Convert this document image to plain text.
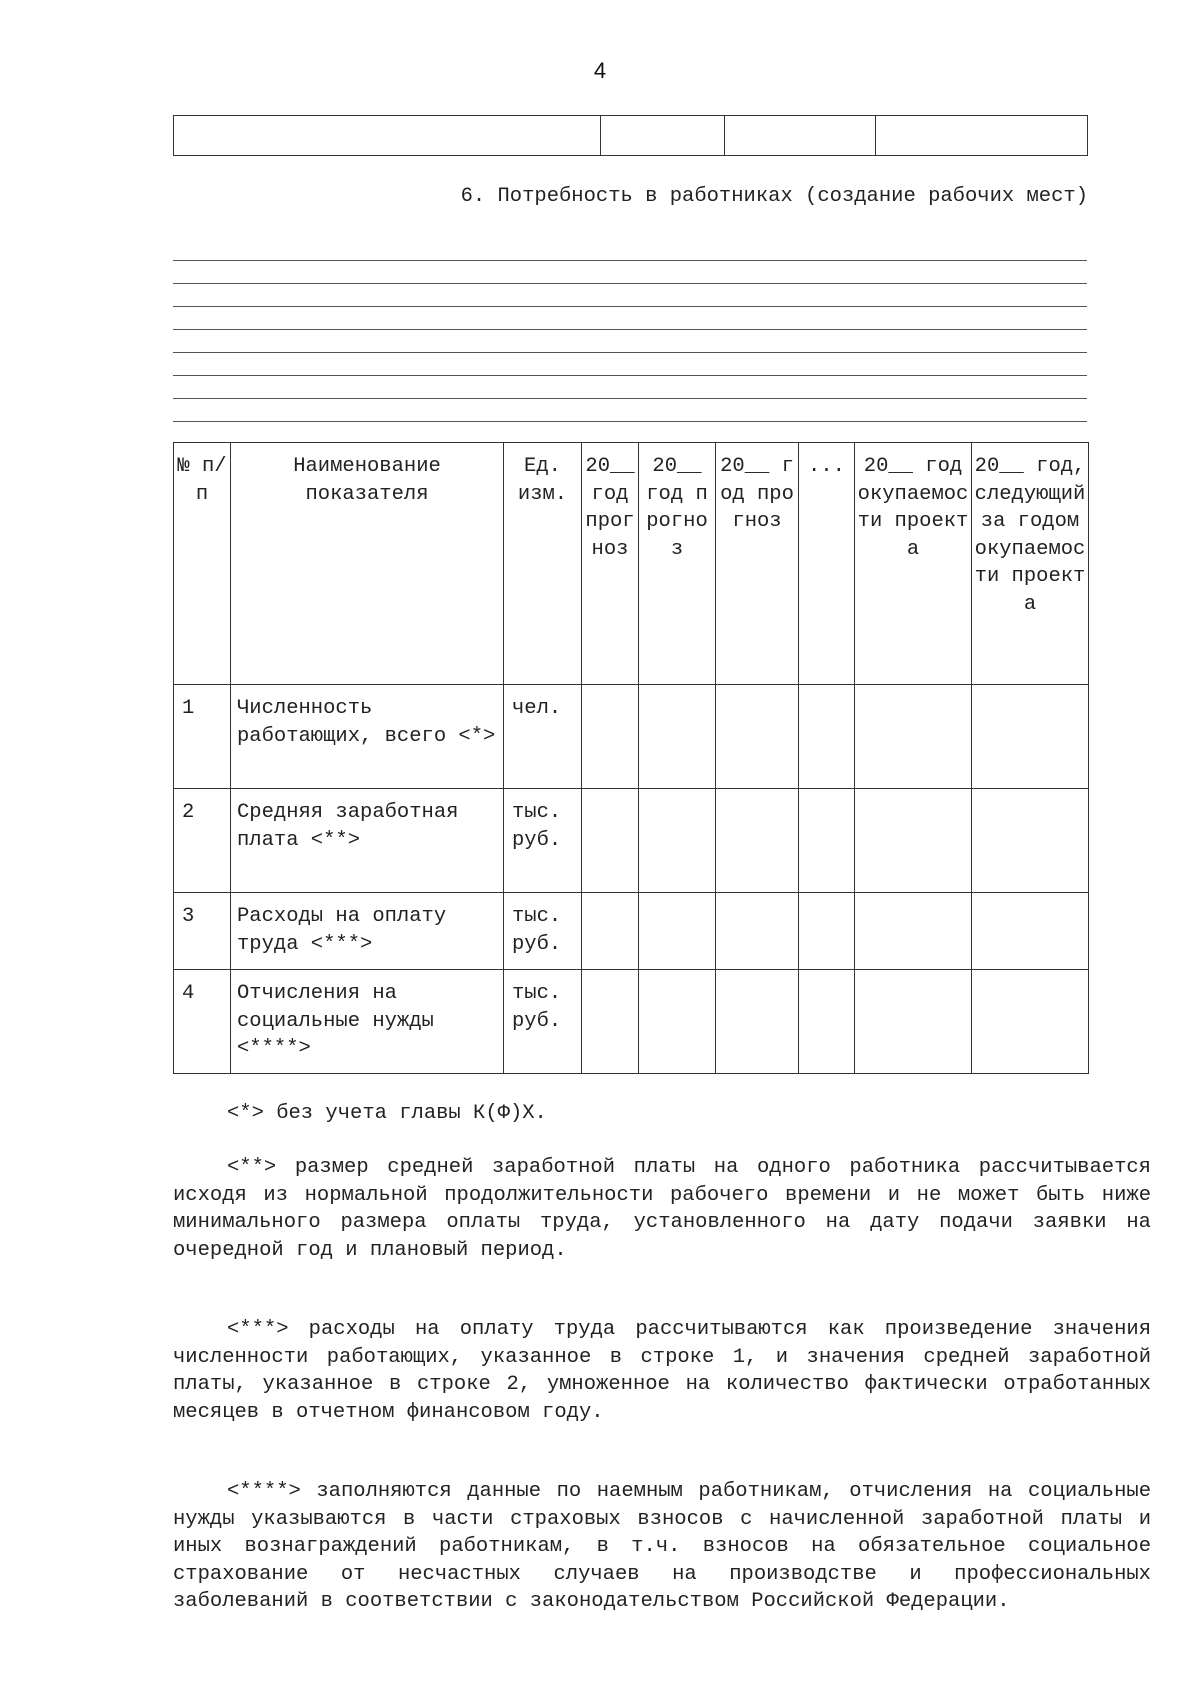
4

6. Потребность в работниках (создание рабочих мест)
№ п/п	Наименование показателя	Ед. изм.	20__ год прогноз	20__ год прогноз	20__ год прогноз	...	20__ год окупаемости проекта	20__ год, следующий за годом окупаемости проекта
1	Численность работающих, всего <*>	чел.						
2	Средняя заработная плата <**>	тыс. руб.						
3	Расходы на оплату труда <***>	тыс. руб.						
4	Отчисления на социальные нужды <****>	тыс. руб.						

<*> без учета главы К(Ф)Х.

<**> размер средней заработной платы на одного работника рассчитывается исходя из нормальной продолжительности рабочего времени и не может быть ниже минимального размера оплаты труда, установленного на дату подачи заявки на очередной год и плановый период.

<***> расходы на оплату труда рассчитываются как произведение значения численности работающих, указанное в строке 1, и значения средней заработной платы, указанное в строке 2, умноженное на количество фактически отработанных месяцев в отчетном финансовом году.

<****> заполняются данные по наемным работникам, отчисления на социальные нужды указываются в части страховых взносов с начисленной заработной платы и иных вознаграждений работникам, в т.ч. взносов на обязательное социальное страхование от несчастных случаев на производстве и профессиональных заболеваний в соответствии с законодательством Российской Федерации.
